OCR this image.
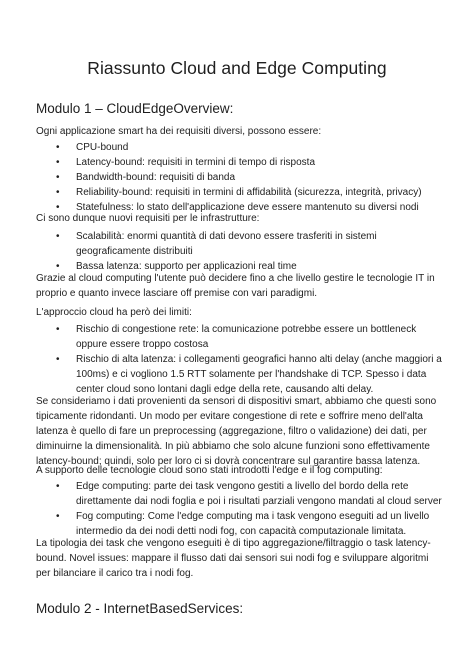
Riassunto Cloud and Edge Computing
Modulo 1 – CloudEdgeOverview:
Ogni applicazione smart ha dei requisiti diversi, possono essere:
• CPU-bound
• Latency-bound: requisiti in termini di tempo di risposta
• Bandwidth-bound: requisiti di banda
• Reliability-bound: requisiti in termini di affidabilità (sicurezza, integrità, privacy)
• Statefulness: lo stato dell'applicazione deve essere mantenuto su diversi nodi
Ci sono dunque nuovi requisiti per le infrastrutture:
• Scalabilità: enormi quantità di dati devono essere trasferiti in sistemi geograficamente distribuiti
• Bassa latenza: supporto per applicazioni real time
Grazie al cloud computing l'utente può decidere fino a che livello gestire le tecnologie IT in proprio e quanto invece lasciare off premise con vari paradigmi.
L'approccio cloud ha però dei limiti:
• Rischio di congestione rete: la comunicazione potrebbe essere un bottleneck oppure essere troppo costosa
• Rischio di alta latenza: i collegamenti geografici hanno alti delay (anche maggiori a 100ms) e ci vogliono 1.5 RTT solamente per l'handshake di TCP. Spesso i data center cloud sono lontani dagli edge della rete, causando alti delay.
Se consideriamo i dati provenienti da sensori di dispositivi smart, abbiamo che questi sono tipicamente ridondanti. Un modo per evitare congestione di rete e soffrire meno dell'alta latenza è quello di fare un preprocessing (aggregazione, filtro o validazione) dei dati, per diminuirne la dimensionalità. In più abbiamo che solo alcune funzioni sono effettivamente latency-bound; quindi, solo per loro ci si dovrà concentrare sul garantire bassa latenza.
A supporto delle tecnologie cloud sono stati introdotti l'edge e il fog computing:
• Edge computing: parte dei task vengono gestiti a livello del bordo della rete direttamente dai nodi foglia e poi i risultati parziali vengono mandati al cloud server
• Fog computing: Come l'edge computing ma i task vengono eseguiti ad un livello intermedio da dei nodi detti nodi fog, con capacità computazionale limitata.
La tipologia dei task che vengono eseguiti è di tipo aggregazione/filtraggio o task latency-bound. Novel issues: mappare il flusso dati dai sensori sui nodi fog e sviluppare algoritmi per bilanciare il carico tra i nodi fog.
Modulo 2 - InternetBasedServices:
